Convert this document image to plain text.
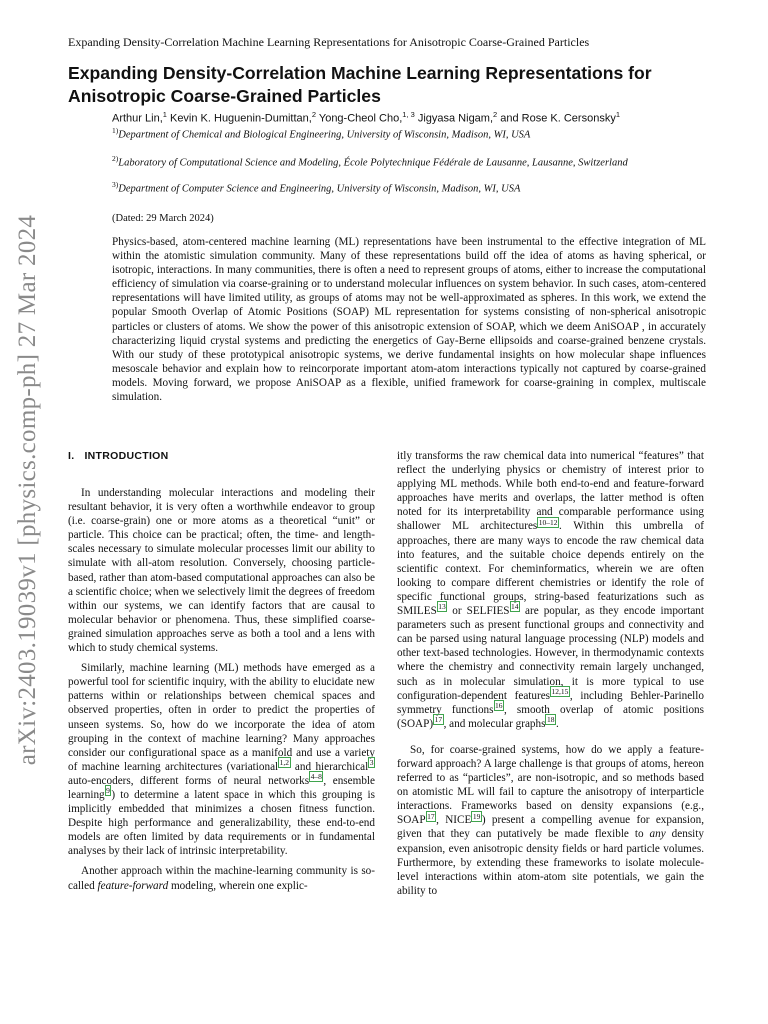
arXiv:2403.19039v1 [physics.comp-ph] 27 Mar 2024
Expanding Density-Correlation Machine Learning Representations for Anisotropic Coarse-Grained Particles
Expanding Density-Correlation Machine Learning Representations for Anisotropic Coarse-Grained Particles
Arthur Lin,$^1$ Kevin K. Huguenin-Dumittan,$^2$ Yong-Cheol Cho,$^{1, 3}$ Jigyasa Nigam,$^2$ and Rose K. Cersonsky$^1$
$^{1)}$Department of Chemical and Biological Engineering, University of Wisconsin, Madison, WI, USA
$^{2)}$Laboratory of Computational Science and Modeling, École Polytechnique Fédérale de Lausanne, Lausanne, Switzerland
$^{3)}$Department of Computer Science and Engineering, University of Wisconsin, Madison, WI, USA
(Dated: 29 March 2024)
Physics-based, atom-centered machine learning (ML) representations have been instrumental to the effective integration of ML within the atomistic simulation community. Many of these representations build off the idea of atoms as having spherical, or isotropic, interactions. In many communities, there is often a need to represent groups of atoms, either to increase the computational efficiency of simulation via coarse-graining or to understand molecular influences on system behavior. In such cases, atom-centered representations will have limited utility, as groups of atoms may not be well-approximated as spheres. In this work, we extend the popular Smooth Overlap of Atomic Positions (SOAP) ML representation for systems consisting of non-spherical anisotropic particles or clusters of atoms. We show the power of this anisotropic extension of SOAP, which we deem AniSOAP , in accurately characterizing liquid crystal systems and predicting the energetics of Gay-Berne ellipsoids and coarse-grained benzene crystals. With our study of these prototypical anisotropic systems, we derive fundamental insights on how molecular shape influences mesoscale behavior and explain how to reincorporate important atom-atom interactions typically not captured by coarse-grained models. Moving forward, we propose AniSOAP as a flexible, unified framework for coarse-graining in complex, multiscale simulation.
I. INTRODUCTION

In understanding molecular interactions and modeling their resultant behavior, it is very often a worthwhile endeavor to group (i.e. coarse-grain) one or more atoms as a theoretical “unit” or particle. This choice can be practical; often, the time- and length-scales necessary to simulate molecular processes limit our ability to simulate with all-atom resolution. Conversely, choosing particle-based, rather than atom-based computational approaches can also be a scientific choice; when we selectively limit the degrees of freedom within our systems, we can identify factors that are causal to molecular behavior or phenomena. Thus, these simplified coarse-grained simulation approaches serve as both a tool and a lens with which to study chemical systems.

Similarly, machine learning (ML) methods have emerged as a powerful tool for scientific inquiry, with the ability to elucidate new patterns within or relationships between chemical spaces and observed properties, often in order to predict the properties of unseen systems. So, how do we incorporate the idea of atom grouping in the context of machine learning? Many approaches consider our configurational space as a manifold and use a variety of machine learning architectures (variational $^{1,2}$ and hierarchical $^3$ auto-encoders, different forms of neural networks $^{4-8}$ , ensemble learning $^9$ ) to determine a latent space in which this grouping is implicitly embedded that minimizes a chosen fitness function. Despite high performance and generalizability, these end-to-end models are often limited by data requirements or in fundamental analyses by their lack of intrinsic interpretability.

Another approach within the machine-learning community is so-called feature-forward modeling, wherein one explic-

itly transforms the raw chemical data into numerical “features” that reflect the underlying physics or chemistry of interest prior to applying ML methods. While both end-to-end and feature-forward approaches have merits and overlaps, the latter method is often noted for its interpretability and comparable performance using shallower ML architectures $^{10-12}$ . Within this umbrella of approaches, there are many ways to encode the raw chemical data into features, and the suitable choice depends entirely on the scientific context. For cheminformatics, wherein we are often looking to compare different chemistries or identify the role of specific functional groups, string-based featurizations such as SMILES $^{13}$ or SELFIES $^{14}$ are popular, as they encode important parameters such as present functional groups and connectivity and can be parsed using natural language processing (NLP) models and other text-based technologies. However, in thermodynamic contexts where the chemistry and connectivity remain largely unchanged, such as in molecular simulation, it is more typical to use configuration-dependent features $^{12,15}$ , including Behler-Parinello symmetry functions $^{16}$ , smooth overlap of atomic positions (SOAP) $^{17}$ , and molecular graphs $^{18}$ .

So, for coarse-grained systems, how do we apply a feature-forward approach? A large challenge is that groups of atoms, hereon referred to as “particles”, are non-isotropic, and so methods based on atomistic ML will fail to capture the anisotropy of interparticle interactions. Frameworks based on density expansions (e.g., SOAP $^{17}$ , NICE $^{19}$ ) present a compelling avenue for expansion, given that they can putatively be made flexible to any density expansion, even anisotropic density fields or hard particle volumes. Furthermore, by extending these frameworks to isolate molecule-level interactions within atom-atom site potentials, we gain the ability to
